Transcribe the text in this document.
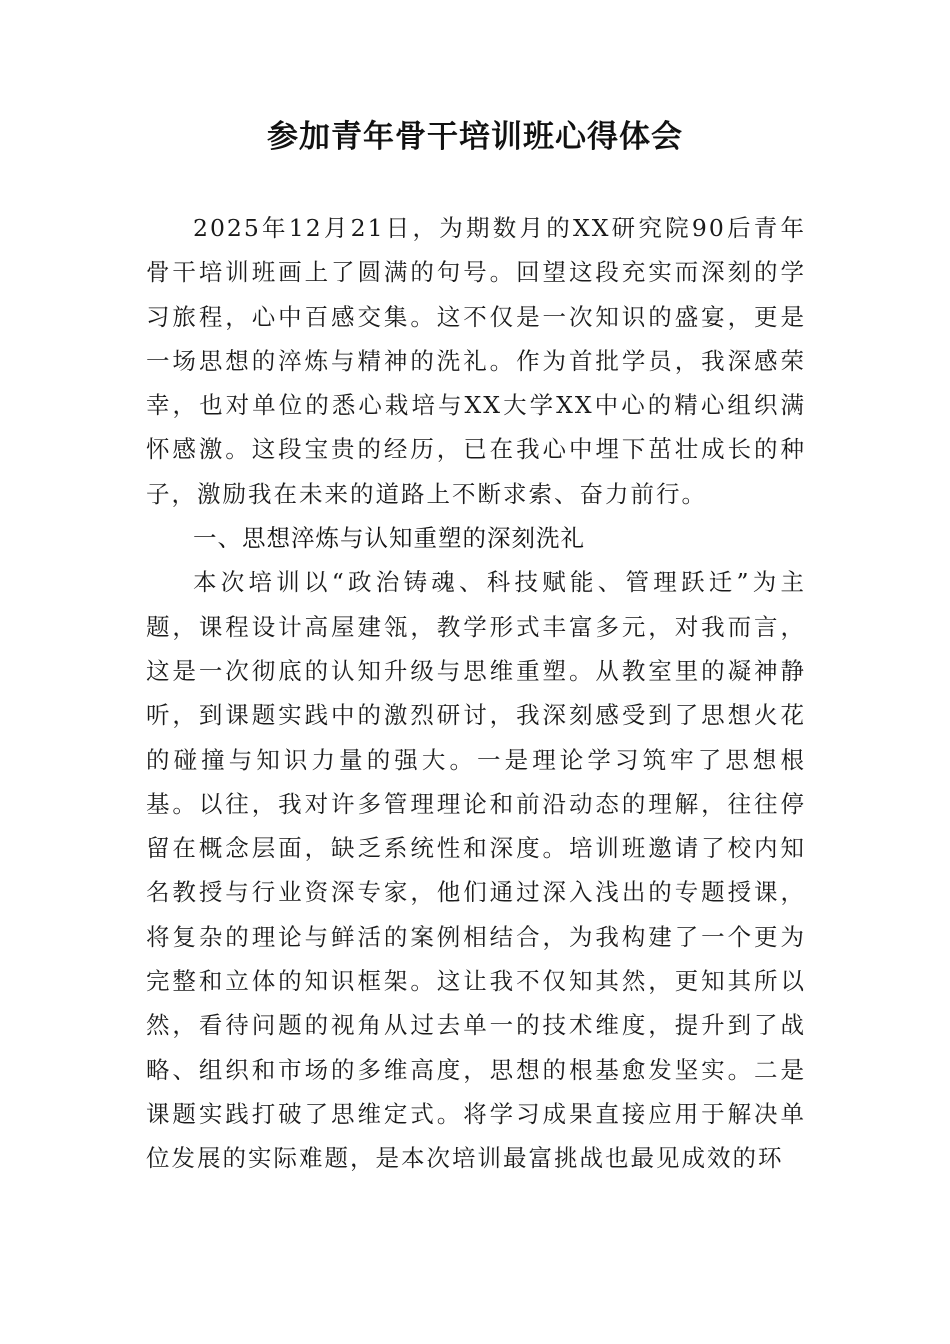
参加青年骨干培训班心得体会

2025年12月21日，为期数月的XX研究院90后青年骨干培训班画上了圆满的句号。回望这段充实而深刻的学习旅程，心中百感交集。这不仅是一次知识的盛宴，更是一场思想的淬炼与精神的洗礼。作为首批学员，我深感荣幸，也对单位的悉心栽培与XX大学XX中心的精心组织满怀感激。这段宝贵的经历，已在我心中埋下茁壮成长的种子，激励我在未来的道路上不断求索、奋力前行。

一、思想淬炼与认知重塑的深刻洗礼

本次培训以“政治铸魂、科技赋能、管理跃迁”为主题，课程设计高屋建瓴，教学形式丰富多元，对我而言，这是一次彻底的认知升级与思维重塑。从教室里的凝神静听，到课题实践中的激烈研讨，我深刻感受到了思想火花的碰撞与知识力量的强大。一是理论学习筑牢了思想根基。以往，我对许多管理理论和前沿动态的理解，往往停留在概念层面，缺乏系统性和深度。培训班邀请了校内知名教授与行业资深专家，他们通过深入浅出的专题授课，将复杂的理论与鲜活的案例相结合，为我构建了一个更为完整和立体的知识框架。这让我不仅知其然，更知其所以然，看待问题的视角从过去单一的技术维度，提升到了战略、组织和市场的多维高度，思想的根基愈发坚实。二是课题实践打破了思维定式。将学习成果直接应用于解决单位发展的实际难题，是本次培训最富挑战也最见成效的环
